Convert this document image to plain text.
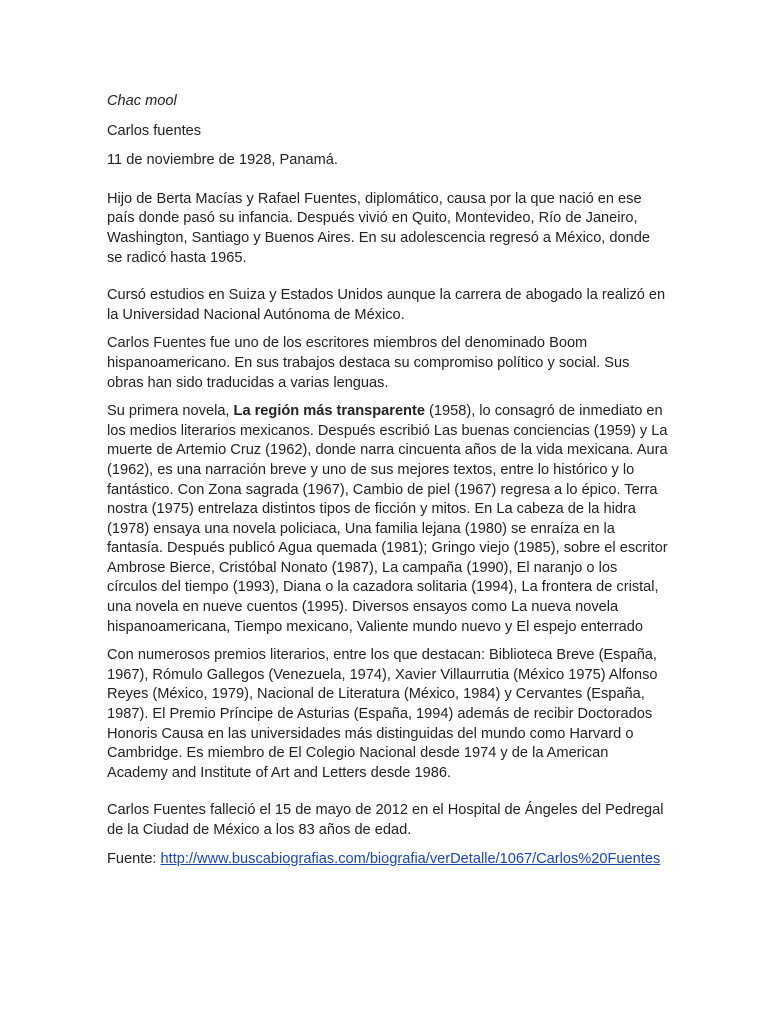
Chac mool

Carlos fuentes

11 de noviembre de 1928, Panamá.

Hijo de Berta Macías y Rafael Fuentes, diplomático, causa por la que nació en ese país donde pasó su infancia. Después vivió en Quito, Montevideo, Río de Janeiro, Washington, Santiago y Buenos Aires. En su adolescencia regresó a México, donde se radicó hasta 1965.

Cursó estudios en Suiza y Estados Unidos aunque la carrera de abogado la realizó en la Universidad Nacional Autónoma de México.

Carlos Fuentes fue uno de los escritores miembros del denominado Boom hispanoamericano. En sus trabajos destaca su compromiso político y social. Sus obras han sido traducidas a varias lenguas.

Su primera novela, La región más transparente (1958), lo consagró de inmediato en los medios literarios mexicanos. Después escribió Las buenas conciencias (1959) y La muerte de Artemio Cruz (1962), donde narra cincuenta años de la vida mexicana. Aura (1962), es una narración breve y uno de sus mejores textos, entre lo histórico y lo fantástico. Con Zona sagrada (1967), Cambio de piel (1967) regresa a lo épico. Terra nostra (1975) entrelaza distintos tipos de ficción y mitos. En La cabeza de la hidra (1978) ensaya una novela policiaca, Una familia lejana (1980) se enraíza en la fantasía. Después publicó Agua quemada (1981); Gringo viejo (1985), sobre el escritor Ambrose Bierce, Cristóbal Nonato (1987), La campaña (1990), El naranjo o los círculos del tiempo (1993), Diana o la cazadora solitaria (1994), La frontera de cristal, una novela en nueve cuentos (1995). Diversos ensayos como La nueva novela hispanoamericana, Tiempo mexicano, Valiente mundo nuevo y El espejo enterrado

Con numerosos premios literarios, entre los que destacan: Biblioteca Breve (España, 1967), Rómulo Gallegos (Venezuela, 1974), Xavier Villaurrutia (México 1975) Alfonso Reyes (México, 1979), Nacional de Literatura (México, 1984) y Cervantes (España, 1987). El Premio Príncipe de Asturias (España, 1994) además de recibir Doctorados Honoris Causa en las universidades más distinguidas del mundo como Harvard o Cambridge. Es miembro de El Colegio Nacional desde 1974 y de la American Academy and Institute of Art and Letters desde 1986.

Carlos Fuentes falleció el 15 de mayo de 2012 en el Hospital de Ángeles del Pedregal de la Ciudad de México a los 83 años de edad.

Fuente: http://www.buscabiografias.com/biografia/verDetalle/1067/Carlos%20Fuentes
